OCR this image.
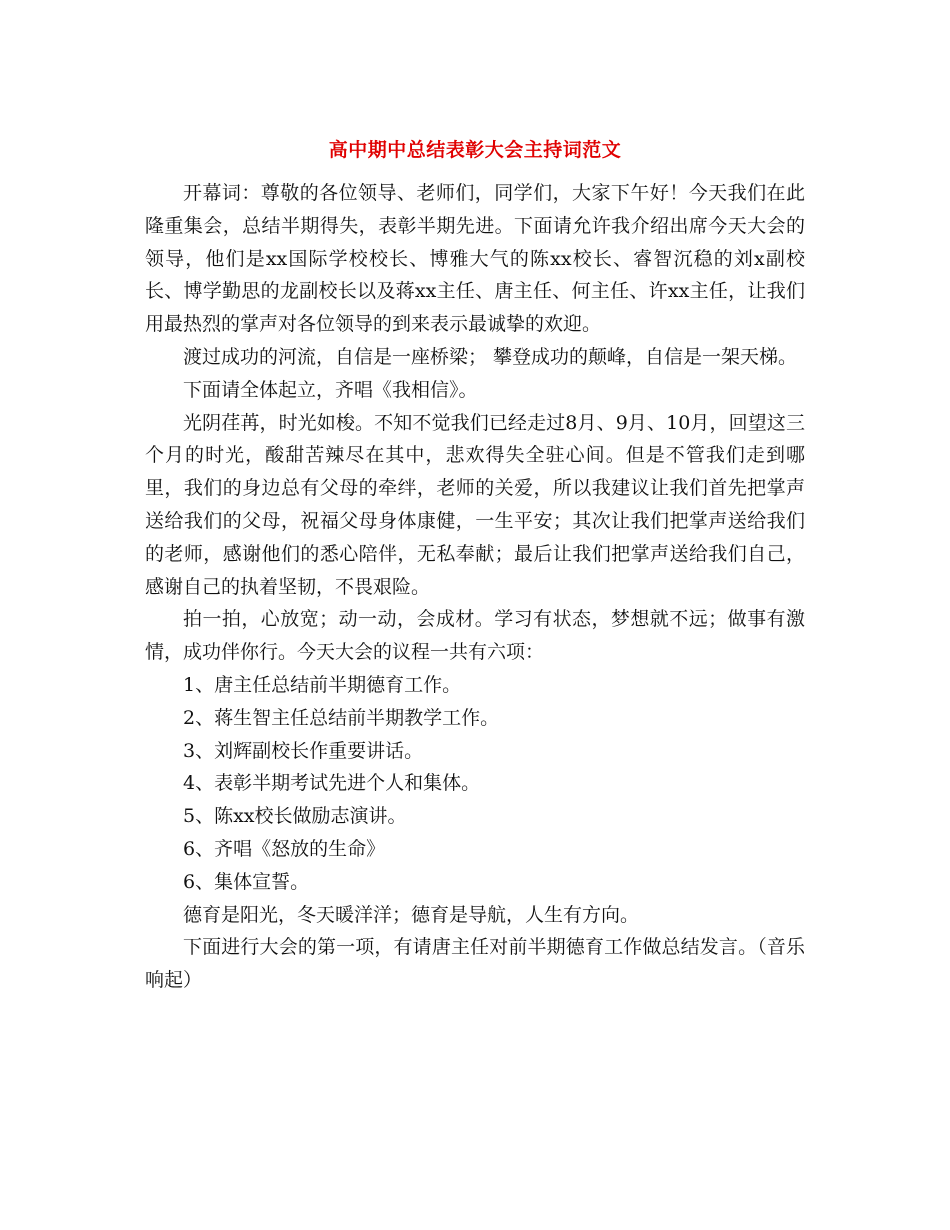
高中期中总结表彰大会主持词范文

开幕词：尊敬的各位领导、老师们，同学们，大家下午好！今天我们在此隆重集会，总结半期得失，表彰半期先进。下面请允许我介绍出席今天大会的领导，他们是xx国际学校校长、博雅大气的陈xx校长、睿智沉稳的刘x副校长、博学勤思的龙副校长以及蒋xx主任、唐主任、何主任、许xx主任，让我们用最热烈的掌声对各位领导的到来表示最诚挚的欢迎。

渡过成功的河流，自信是一座桥梁； 攀登成功的颠峰，自信是一架天梯。

下面请全体起立，齐唱《我相信》。

光阴荏苒，时光如梭。不知不觉我们已经走过8月、9月、10月，回望这三个月的时光，酸甜苦辣尽在其中，悲欢得失全驻心间。但是不管我们走到哪里，我们的身边总有父母的牵绊，老师的关爱，所以我建议让我们首先把掌声送给我们的父母，祝福父母身体康健，一生平安；其次让我们把掌声送给我们的老师，感谢他们的悉心陪伴，无私奉献；最后让我们把掌声送给我们自己，感谢自己的执着坚韧，不畏艰险。

拍一拍，心放宽；动一动，会成材。学习有状态，梦想就不远；做事有激情，成功伴你行。今天大会的议程一共有六项：

1、唐主任总结前半期德育工作。

2、蒋生智主任总结前半期教学工作。

3、刘辉副校长作重要讲话。

4、表彰半期考试先进个人和集体。

5、陈xx校长做励志演讲。

6、齐唱《怒放的生命》

6、集体宣誓。

德育是阳光，冬天暖洋洋；德育是导航，人生有方向。

下面进行大会的第一项，有请唐主任对前半期德育工作做总结发言。（音乐响起）
